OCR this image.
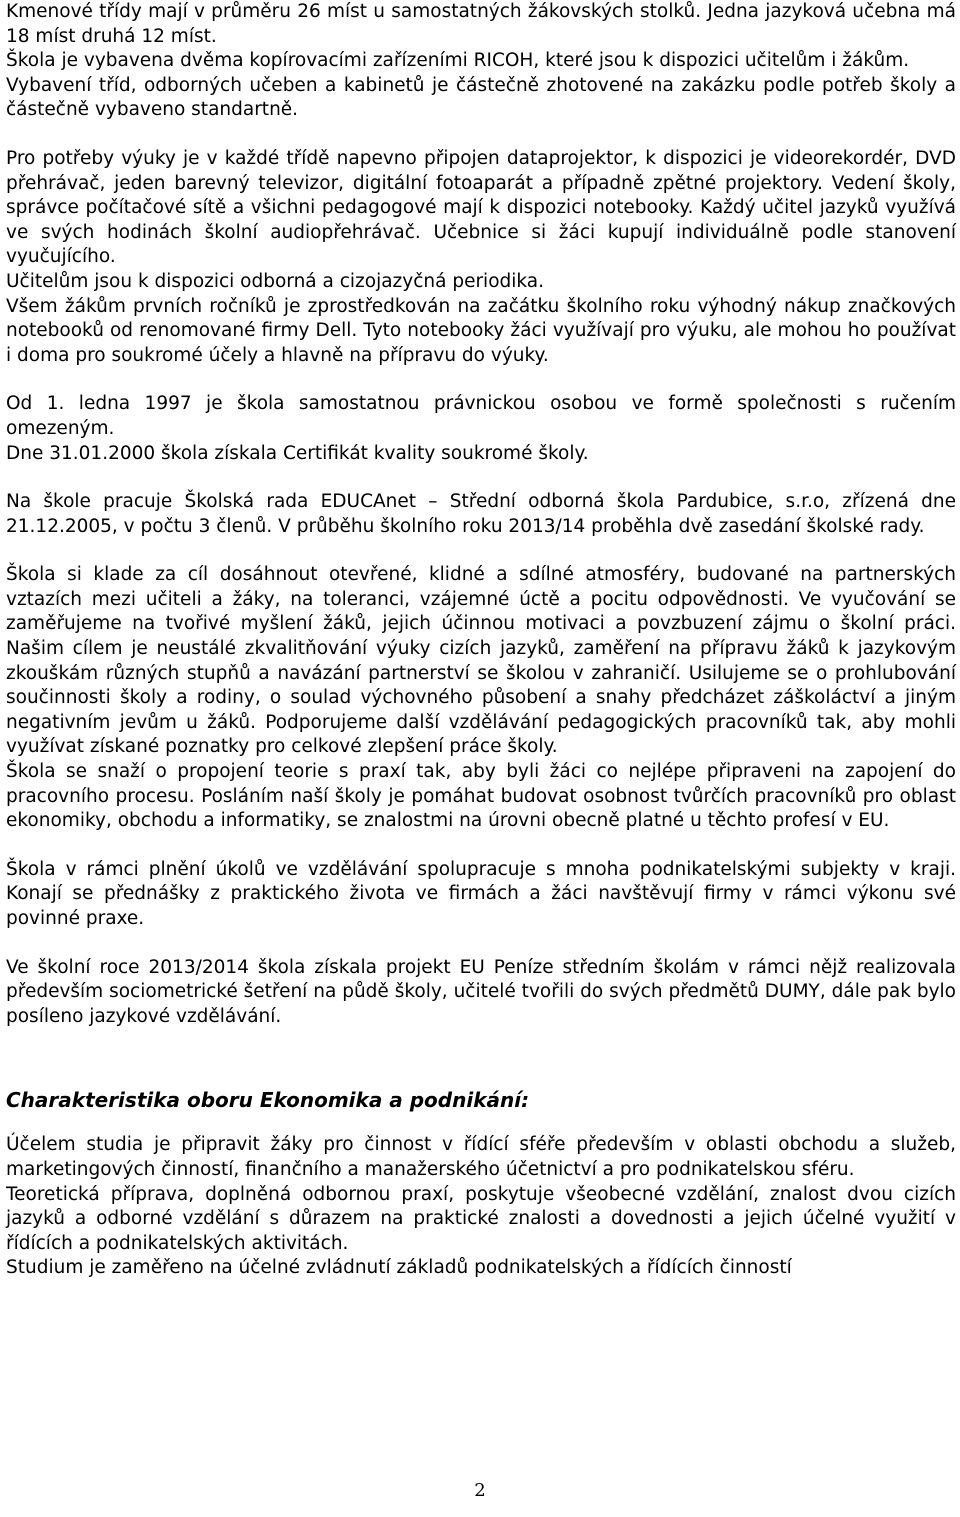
Kmenové třídy mají v průměru 26 míst u samostatných žákovských stolků. Jedna jazyková učebna má 18 míst druhá 12 míst.

Škola je vybavena dvěma kopírovacími zařízeními RICOH, které jsou k dispozici učitelům i žákům.

Vybavení tříd, odborných učeben a kabinetů je částečně zhotovené na zakázku podle potřeb školy a částečně vybaveno standartně.

Pro potřeby výuky je v každé třídě napevno připojen dataprojektor, k dispozici je videorekordér, DVD přehrávač, jeden barevný televizor, digitální fotoaparát a případně zpětné projektory. Vedení školy, správce počítačové sítě a všichni pedagogové mají k dispozici notebooky. Každý učitel jazyků využívá ve svých hodinách školní audiopřehrávač. Učebnice si žáci kupují individuálně podle stanovení vyučujícího.

Učitelům jsou k dispozici odborná a cizojazyčná periodika.

Všem žákům prvních ročníků je zprostředkován na začátku školního roku výhodný nákup značkových notebooků od renomované firmy Dell. Tyto notebooky žáci využívají pro výuku, ale mohou ho používat i doma pro soukromé účely a hlavně na přípravu do výuky.

Od 1. ledna 1997 je škola samostatnou právnickou osobou ve formě společnosti s ručením omezeným.

Dne 31.01.2000 škola získala Certifikát kvality soukromé školy.

Na škole pracuje Školská rada EDUCAnet – Střední odborná škola Pardubice, s.r.o, zřízená dne 21.12.2005, v počtu 3 členů. V průběhu školního roku 2013/14 proběhla dvě zasedání školské rady.

Škola si klade za cíl dosáhnout otevřené, klidné a sdílné atmosféry, budované na partnerských vztazích mezi učiteli a žáky, na toleranci, vzájemné úctě a pocitu odpovědnosti. Ve vyučování se zaměřujeme na tvořivé myšlení žáků, jejich účinnou motivaci a povzbuzení zájmu o školní práci. Našim cílem je neustálé zkvalitňování výuky cizích jazyků, zaměření na přípravu žáků k jazykovým zkouškám různých stupňů a navázání partnerství se školou v zahraničí. Usilujeme se o prohlubování součinnosti školy a rodiny, o soulad výchovného působení a snahy předcházet záškoláctví a jiným negativním jevům u žáků. Podporujeme další vzdělávání pedagogických pracovníků tak, aby mohli využívat získané poznatky pro celkové zlepšení práce školy.

Škola se snaží o propojení teorie s praxí tak, aby byli žáci co nejlépe připraveni na zapojení do pracovního procesu. Posláním naší školy je pomáhat budovat osobnost tvůrčích pracovníků pro oblast ekonomiky, obchodu a informatiky, se znalostmi na úrovni obecně platné u těchto profesí v EU.

Škola v rámci plnění úkolů ve vzdělávání spolupracuje s mnoha podnikatelskými subjekty v kraji. Konají se přednášky z praktického života ve firmách a žáci navštěvují firmy v rámci výkonu své povinné praxe.

Ve školní roce 2013/2014 škola získala projekt EU Peníze středním školám v rámci nějž realizovala především sociometrické šetření na půdě školy, učitelé tvořili do svých předmětů DUMY, dále pak bylo posíleno jazykové vzdělávání.

Charakteristika oboru Ekonomika a podnikání:

Účelem studia je připravit žáky pro činnost v řídící sféře především v oblasti obchodu a služeb, marketingových činností, finančního a manažerského účetnictví a pro podnikatelskou sféru.

Teoretická příprava, doplněná odbornou praxí, poskytuje všeobecné vzdělání, znalost dvou cizích jazyků a odborné vzdělání s důrazem na praktické znalosti a dovednosti a jejich účelné využití v řídících a podnikatelských aktivitách.

Studium je zaměřeno na účelné zvládnutí základů podnikatelských a řídících činností

2
